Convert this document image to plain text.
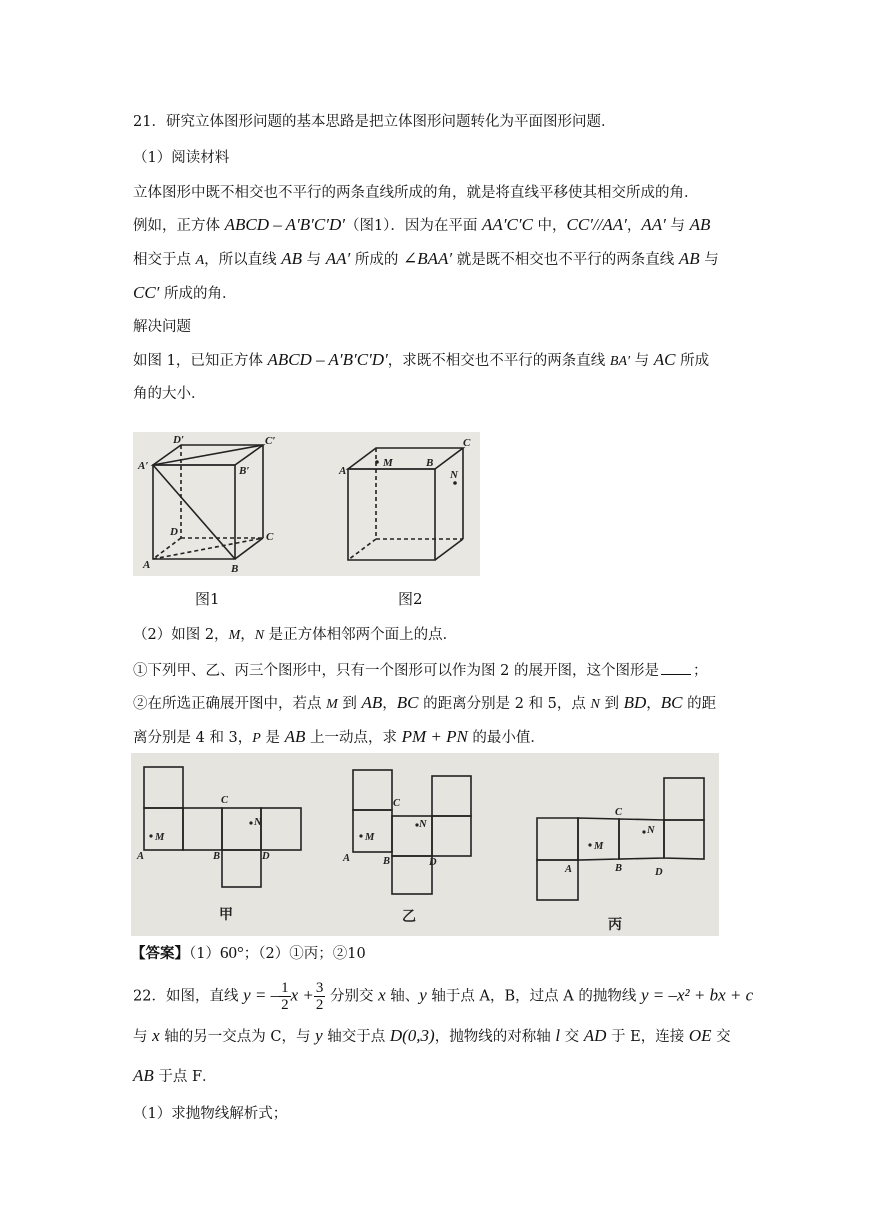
21．研究立体图形问题的基本思路是把立体图形问题转化为平面图形问题．
（1）阅读材料
立体图形中既不相交也不平行的两条直线所成的角，就是将直线平移使其相交所成的角．
例如，正方体 ABCD – A′B′C′D′（图1）．因为在平面 AA′C′C 中，CC′//AA′，AA′ 与 AB
相交于点 A，所以直线 AB 与 AA′ 所成的 ∠BAA′ 就是既不相交也不平行的两条直线 AB 与
CC′ 所成的角．
解决问题
如图 1，已知正方体 ABCD – A′B′C′D′，求既不相交也不平行的两条直线 BA′ 与 AC 所成
角的大小．
D′	C′
A′	B′
D	C
A	B
A
M	B
C
N
图1	图2
（2）如图 2，M，N 是正方体相邻两个面上的点．
①下列甲、乙、丙三个图形中，只有一个图形可以作为图 2 的展开图，这个图形是 ；
②在所选正确展开图中，若点 M 到 AB，BC 的距离分别是 2 和 5，点 N 到 BD，BC 的距
离分别是 4 和 3，P 是 AB 上一动点，求 PM + PN 的最小值．
A
M
C
N
B	D	A
M
C
N
B	D
A
M
C
N
B	D
甲	乙	丙
【答案】（1）60°；（2）①丙；②10
22．如图，直线 y = – $\frac{1}{2}$ $x + \frac{3}{2}$ 分别交 x 轴、y 轴于点 A，B，过点 A 的抛物线 y = –x² + bx + c
与 x 轴的另一交点为 C，与 y 轴交于点 D(0,3)，抛物线的对称轴 l 交 AD 于 E，连接 OE 交
AB 于点 F．
（1）求抛物线解析式；
